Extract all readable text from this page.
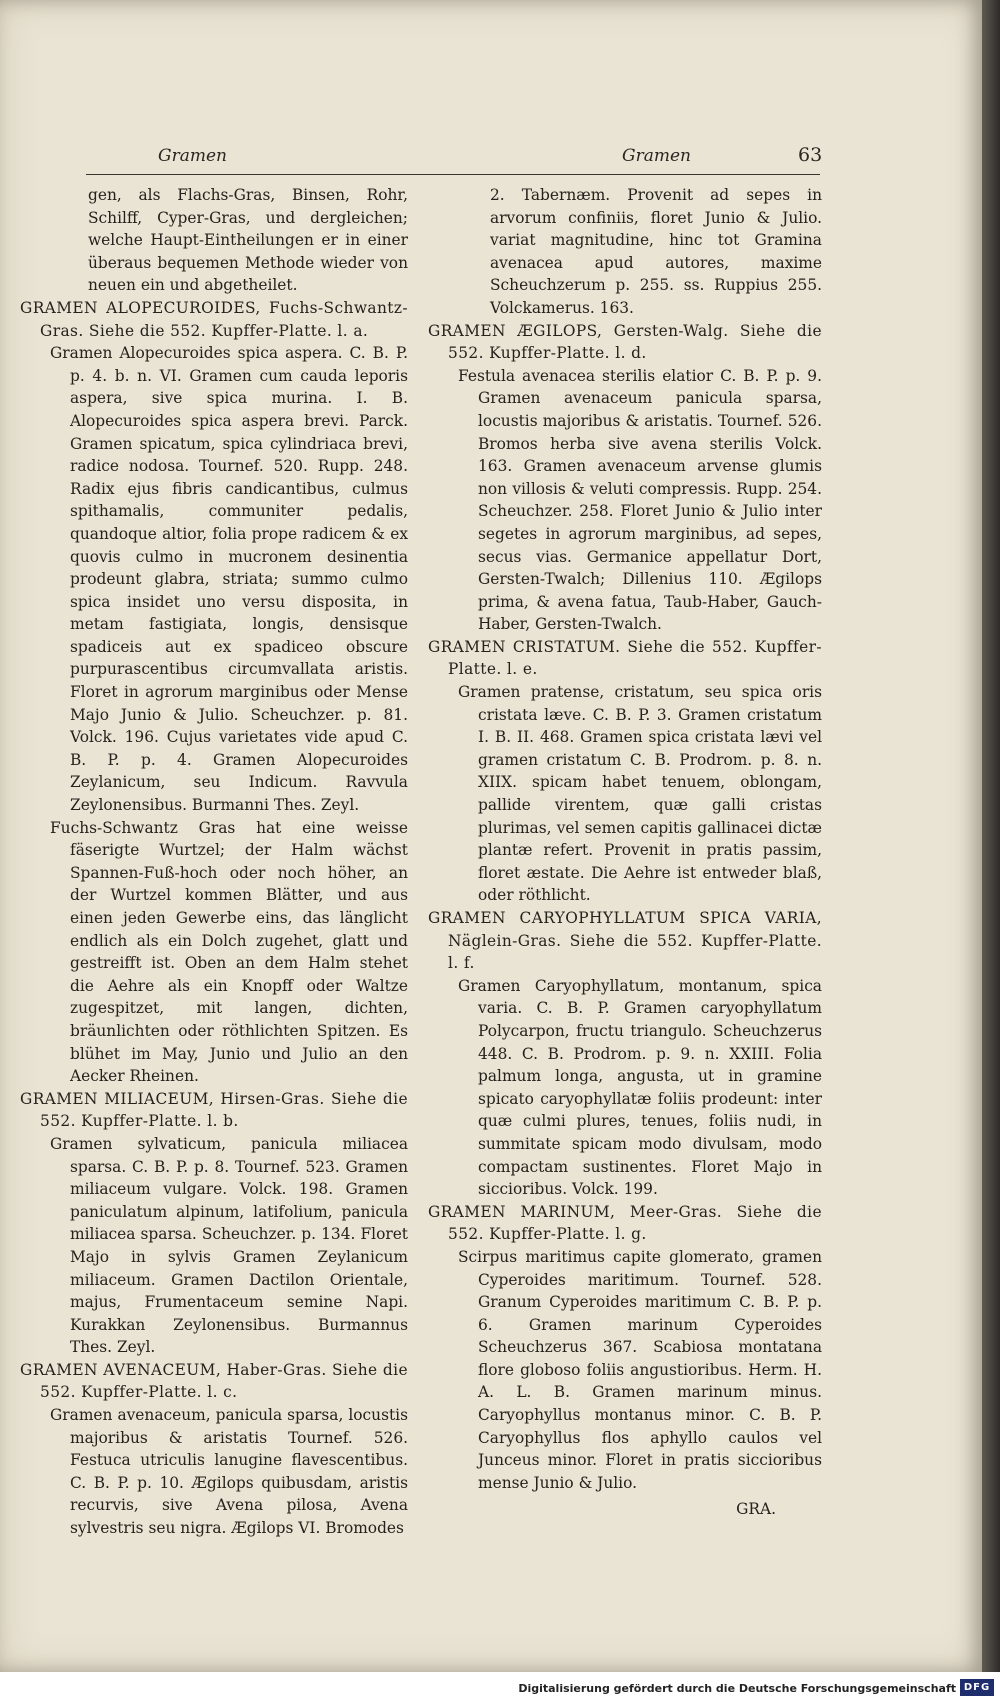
Gramen	Gramen	63

gen, als Flachs-Gras, Binsen, Rohr, Schilff, Cyper-Gras, und dergleichen; welche Haupt-Eintheilungen er in einer überaus bequemen Methode wieder von neuen ein und abgetheilet.

GRAMEN ALOPECUROIDES, Fuchs-Schwantz-Gras. Siehe die 552. Kupffer-Platte. l. a.

Gramen Alopecuroides spica aspera. C. B. P. p. 4. b. n. VI. Gramen cum cauda leporis aspera, sive spica murina. I. B. Alopecuroides spica aspera brevi. Parck. Gramen spicatum, spica cylindriaca brevi, radice nodosa. Tournef. 520. Rupp. 248. Radix ejus fibris candicantibus, culmus spithamalis, communiter pedalis, quandoque altior, folia prope radicem & ex quovis culmo in mucronem desinentia prodeunt glabra, striata; summo culmo spica insidet uno versu disposita, in metam fastigiata, longis, densisque spadiceis aut ex spadiceo obscure purpurascentibus circumvallata aristis. Floret in agrorum marginibus oder Mense Majo Junio & Julio. Scheuchzer. p. 81. Volck. 196. Cujus varietates vide apud C. B. P. p. 4. Gramen Alopecuroides Zeylanicum, seu Indicum. Ravvula Zeylonensibus. Burmanni Thes. Zeyl.

Fuchs-Schwantz Gras hat eine weisse fäserigte Wurtzel; der Halm wächst Spannen-Fuß-hoch oder noch höher, an der Wurtzel kommen Blätter, und aus einen jeden Gewerbe eins, das länglicht endlich als ein Dolch zugehet, glatt und gestreifft ist. Oben an dem Halm stehet die Aehre als ein Knopff oder Waltze zugespitzet, mit langen, dichten, bräunlichten oder röthlichten Spitzen. Es blühet im May, Junio und Julio an den Aecker Rheinen.

GRAMEN MILIACEUM, Hirsen-Gras. Siehe die 552. Kupffer-Platte. l. b.

Gramen sylvaticum, panicula miliacea sparsa. C. B. P. p. 8. Tournef. 523. Gramen miliaceum vulgare. Volck. 198. Gramen paniculatum alpinum, latifolium, panicula miliacea sparsa. Scheuchzer. p. 134. Floret Majo in sylvis Gramen Zeylanicum miliaceum. Gramen Dactilon Orientale, majus, Frumentaceum semine Napi. Kurakkan Zeylonensibus. Burmannus Thes. Zeyl.

GRAMEN AVENACEUM, Haber-Gras. Siehe die 552. Kupffer-Platte. l. c.

Gramen avenaceum, panicula sparsa, locustis majoribus & aristatis Tournef. 526. Festuca utriculis lanugine flavescentibus. C. B. P. p. 10. Ægilops quibusdam, aristis recurvis, sive Avena pilosa, Avena sylvestris seu nigra. Ægilops VI. Bromodes

2. Tabernæm. Provenit ad sepes in arvorum confiniis, floret Junio & Julio. variat magnitudine, hinc tot Gramina avenacea apud autores, maxime Scheuchzerum p. 255. ss. Ruppius 255. Volckamerus. 163.

GRAMEN ÆGILOPS, Gersten-Walg. Siehe die 552. Kupffer-Platte. l. d.

Festula avenacea sterilis elatior C. B. P. p. 9. Gramen avenaceum panicula sparsa, locustis majoribus & aristatis. Tournef. 526. Bromos herba sive avena sterilis Volck. 163. Gramen avenaceum arvense glumis non villosis & veluti compressis. Rupp. 254. Scheuchzer. 258. Floret Junio & Julio inter segetes in agrorum marginibus, ad sepes, secus vias. Germanice appellatur Dort, Gersten-Twalch; Dillenius 110. Ægilops prima, & avena fatua, Taub-Haber, Gauch-Haber, Gersten-Twalch.

GRAMEN CRISTATUM. Siehe die 552. Kupffer-Platte. l. e.

Gramen pratense, cristatum, seu spica oris cristata læve. C. B. P. 3. Gramen cristatum I. B. II. 468. Gramen spica cristata lævi vel gramen cristatum C. B. Prodrom. p. 8. n. XIIX. spicam habet tenuem, oblongam, pallide virentem, quæ galli cristas plurimas, vel semen capitis gallinacei dictæ plantæ refert. Provenit in pratis passim, floret æstate. Die Aehre ist entweder blaß, oder röthlicht.

GRAMEN CARYOPHYLLATUM SPICA VARIA, Näglein-Gras. Siehe die 552. Kupffer-Platte. l. f.

Gramen Caryophyllatum, montanum, spica varia. C. B. P. Gramen caryophyllatum Polycarpon, fructu triangulo. Scheuchzerus 448. C. B. Prodrom. p. 9. n. XXIII. Folia palmum longa, angusta, ut in gramine spicato caryophyllatæ foliis prodeunt: inter quæ culmi plures, tenues, foliis nudi, in summitate spicam modo divulsam, modo compactam sustinentes. Floret Majo in siccioribus. Volck. 199.

GRAMEN MARINUM, Meer-Gras. Siehe die 552. Kupffer-Platte. l. g.

Scirpus maritimus capite glomerato, gramen Cyperoides maritimum. Tournef. 528. Granum Cyperoides maritimum C. B. P. p. 6. Gramen marinum Cyperoides Scheuchzerus 367. Scabiosa montatana flore globoso foliis angustioribus. Herm. H. A. L. B. Gramen marinum minus. Caryophyllus montanus minor. C. B. P. Caryophyllus flos aphyllo caulos vel Junceus minor. Floret in pratis siccioribus mense Junio & Julio.

GRA.

Digitalisierung gefördert durch die Deutsche Forschungsgemeinschaft DFG
